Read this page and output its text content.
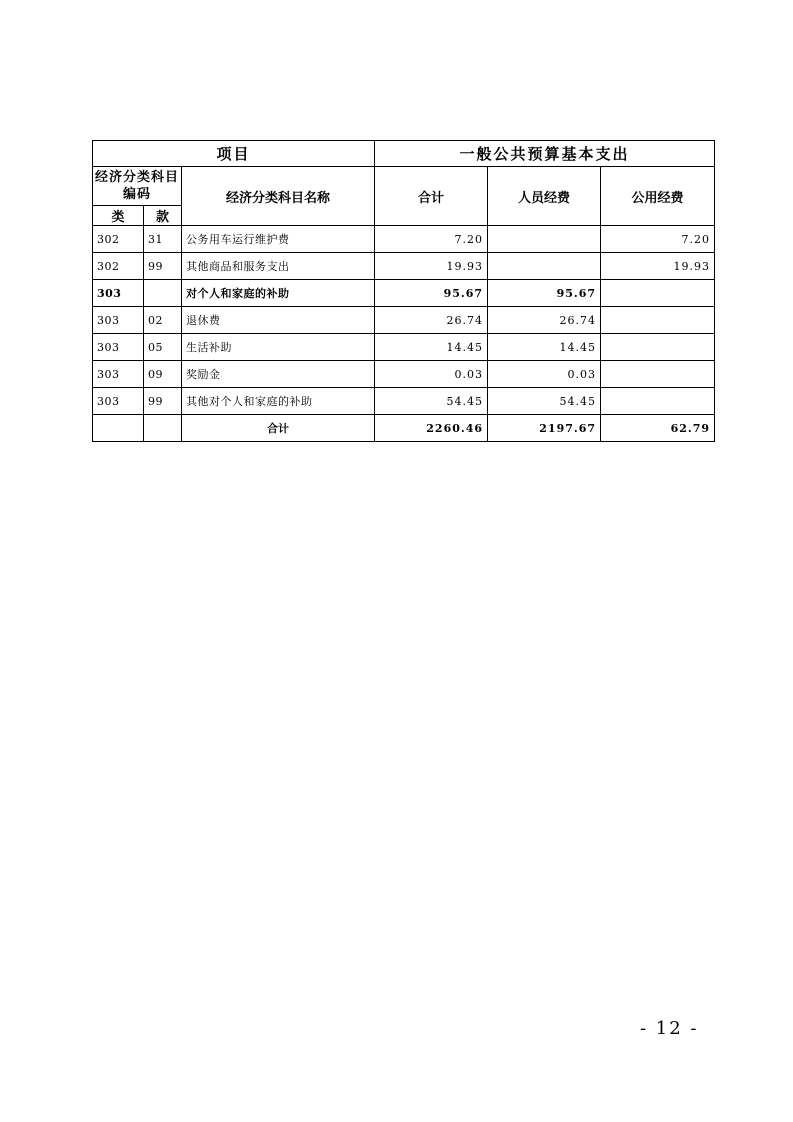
项目			一般公共预算基本支出		
经济分类科目编码		经济分类科目名称	合计	人员经费	公用经费
类	款				
302	31	公务用车运行维护费	7.20		7.20
302	99	其他商品和服务支出	19.93		19.93
303		对个人和家庭的补助	95.67	95.67	
303	02	退休费	26.74	26.74	
303	05	生活补助	14.45	14.45	
303	09	奖励金	0.03	0.03	
303	99	其他对个人和家庭的补助	54.45	54.45	
		合计	2260.46	2197.67	62.79
- 12 -
